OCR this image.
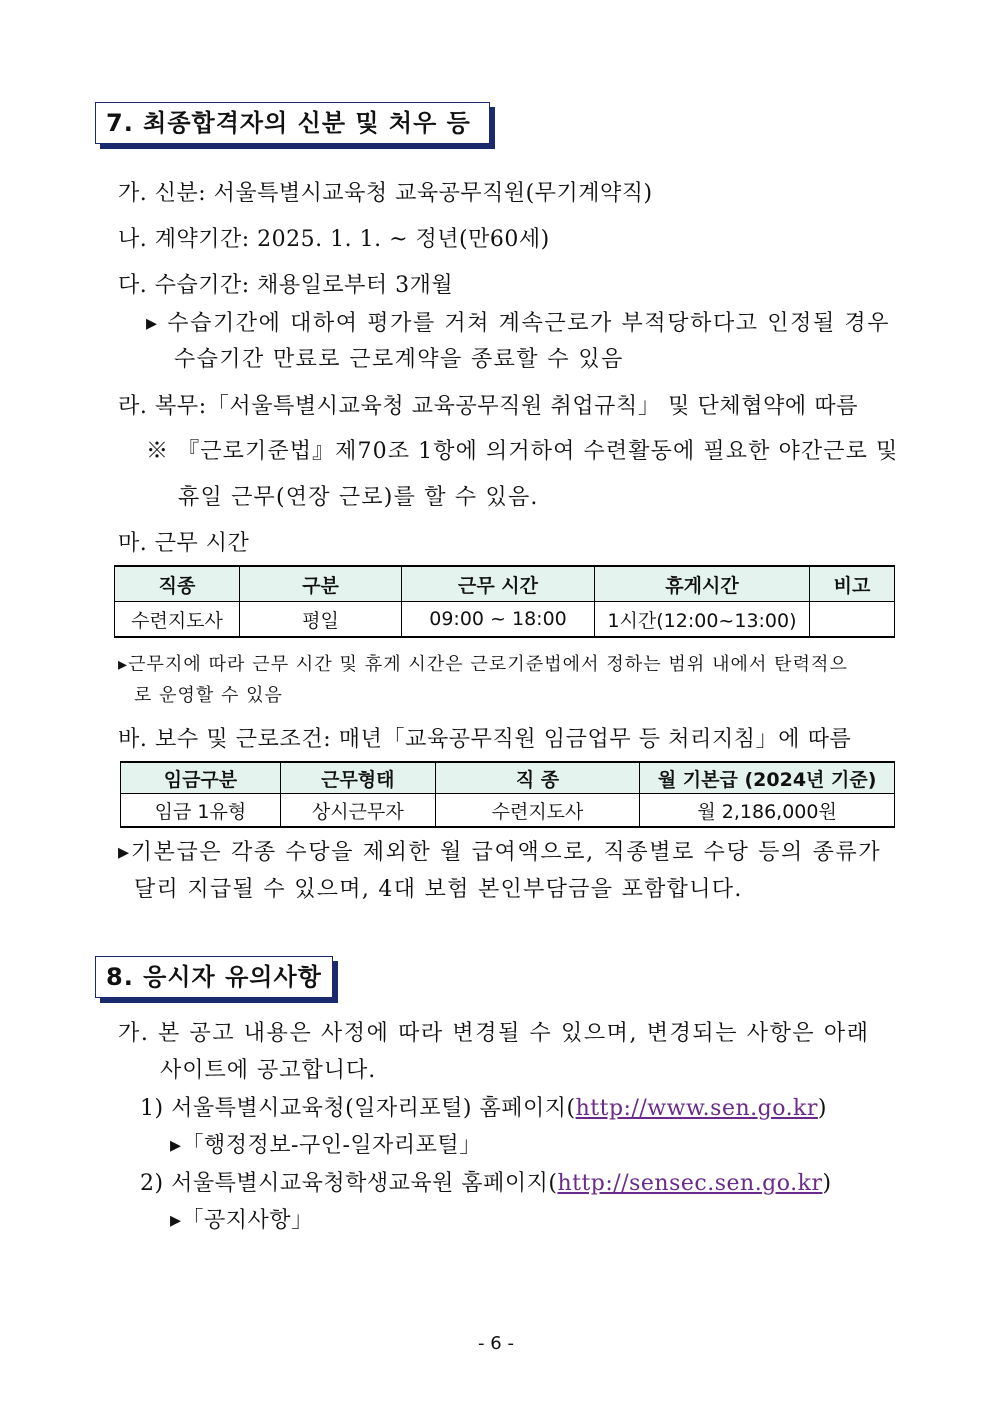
7. 최종합격자의 신분 및 처우 등
가. 신분: 서울특별시교육청 교육공무직원(무기계약직)
나. 계약기간: 2025. 1. 1. ~ 정년(만60세)
다. 수습기간: 채용일로부터 3개월
▸ 수습기간에 대하여 평가를 거쳐 계속근로가 부적당하다고 인정될 경우
수습기간 만료로 근로계약을 종료할 수 있음
라. 복무:「서울특별시교육청 교육공무직원 취업규칙」 및 단체협약에 따름
※ 『근로기준법』제70조 1항에 의거하여 수련활동에 필요한 야간근로 및
휴일 근무(연장 근로)를 할 수 있음.
마. 근무 시간
직종	구분	근무 시간	휴게시간	비고
수련지도사	평일	09:00 ~ 18:00	1시간(12:00~13:00)	
▸근무지에 따라 근무 시간 및 휴게 시간은 근로기준법에서 정하는 범위 내에서 탄력적으
로 운영할 수 있음
바. 보수 및 근로조건: 매년「교육공무직원 임금업무 등 처리지침」에 따름
임금구분	근무형태	직 종	월 기본급 (2024년 기준)
임금 1유형	상시근무자	수련지도사	월 2,186,000원
▸기본급은 각종 수당을 제외한 월 급여액으로, 직종별로 수당 등의 종류가
달리 지급될 수 있으며, 4대 보험 본인부담금을 포함합니다.
8. 응시자 유의사항
가. 본 공고 내용은 사정에 따라 변경될 수 있으며, 변경되는 사항은 아래
사이트에 공고합니다.
1) 서울특별시교육청(일자리포털) 홈페이지(http://www.sen.go.kr)
▸「행정정보-구인-일자리포털」
2) 서울특별시교육청학생교육원 홈페이지(http://sensec.sen.go.kr)
▸「공지사항」
- 6 -
